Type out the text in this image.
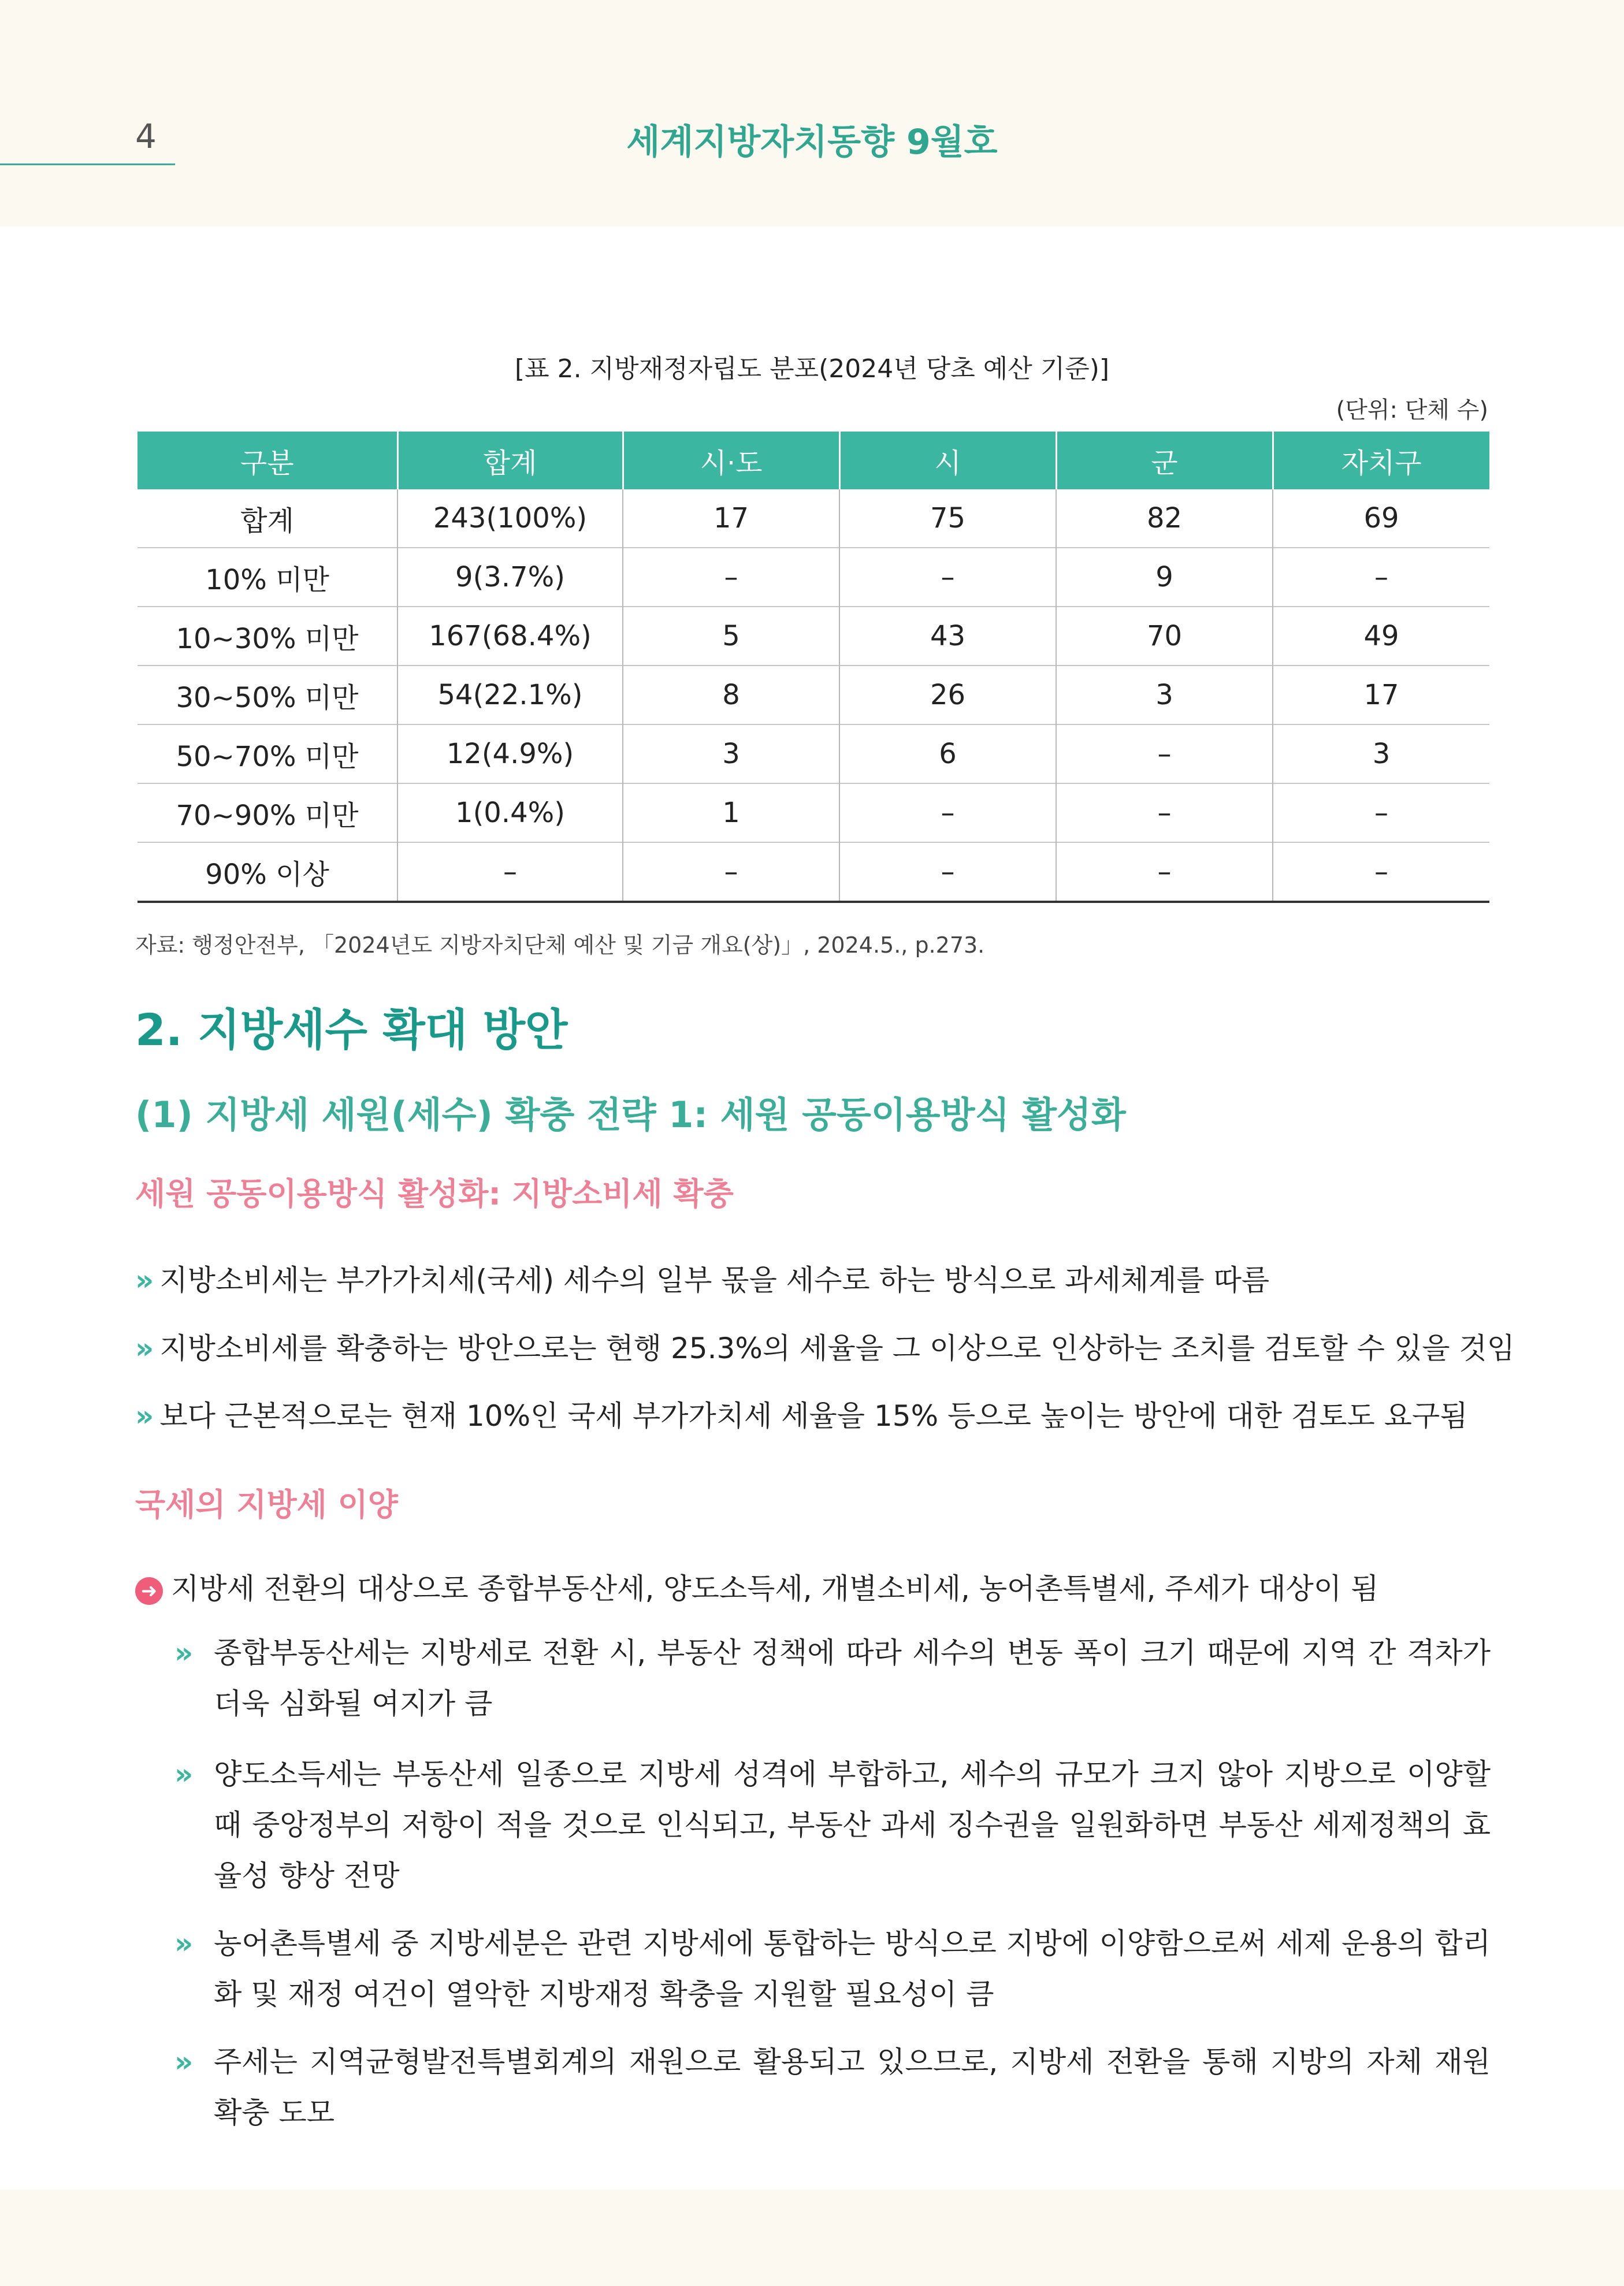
4	세계지방자치동향 9월호
[표 2. 지방재정자립도 분포(2024년 당초 예산 기준)]
(단위: 단체 수)
구분	합계	시·도	시	군	자치구
합계	243(100%)	17	75	82	69
10% 미만	9(3.7%)	–	–	9	–
10~30% 미만	167(68.4%)	5	43	70	49
30~50% 미만	54(22.1%)	8	26	3	17
50~70% 미만	12(4.9%)	3	6	–	3
70~90% 미만	1(0.4%)	1	–	–	–
90% 이상	–	–	–	–	–
자료: 행정안전부, 「2024년도 지방자치단체 예산 및 기금 개요(상)」, 2024.5., p.273.
2. 지방세수 확대 방안
(1) 지방세 세원(세수) 확충 전략 1: 세원 공동이용방식 활성화
세원 공동이용방식 활성화: 지방소비세 확충
» 지방소비세는 부가가치세(국세) 세수의 일부 몫을 세수로 하는 방식으로 과세체계를 따름
» 지방소비세를 확충하는 방안으로는 현행 25.3%의 세율을 그 이상으로 인상하는 조치를 검토할 수 있을 것임
» 보다 근본적으로는 현재 10%인 국세 부가가치세 세율을 15% 등으로 높이는 방안에 대한 검토도 요구됨
국세의 지방세 이양
➜ 지방세 전환의 대상으로 종합부동산세, 양도소득세, 개별소비세, 농어촌특별세, 주세가 대상이 됨
» 종합부동산세는 지방세로 전환 시, 부동산 정책에 따라 세수의 변동 폭이 크기 때문에 지역 간 격차가 더욱 심화될 여지가 큼
» 양도소득세는 부동산세 일종으로 지방세 성격에 부합하고, 세수의 규모가 크지 않아 지방으로 이양할 때 중앙정부의 저항이 적을 것으로 인식되고, 부동산 과세 징수권을 일원화하면 부동산 세제정책의 효율성 향상 전망
» 농어촌특별세 중 지방세분은 관련 지방세에 통합하는 방식으로 지방에 이양함으로써 세제 운용의 합리화 및 재정 여건이 열악한 지방재정 확충을 지원할 필요성이 큼
» 주세는 지역균형발전특별회계의 재원으로 활용되고 있으므로, 지방세 전환을 통해 지방의 자체 재원 확충 도모
